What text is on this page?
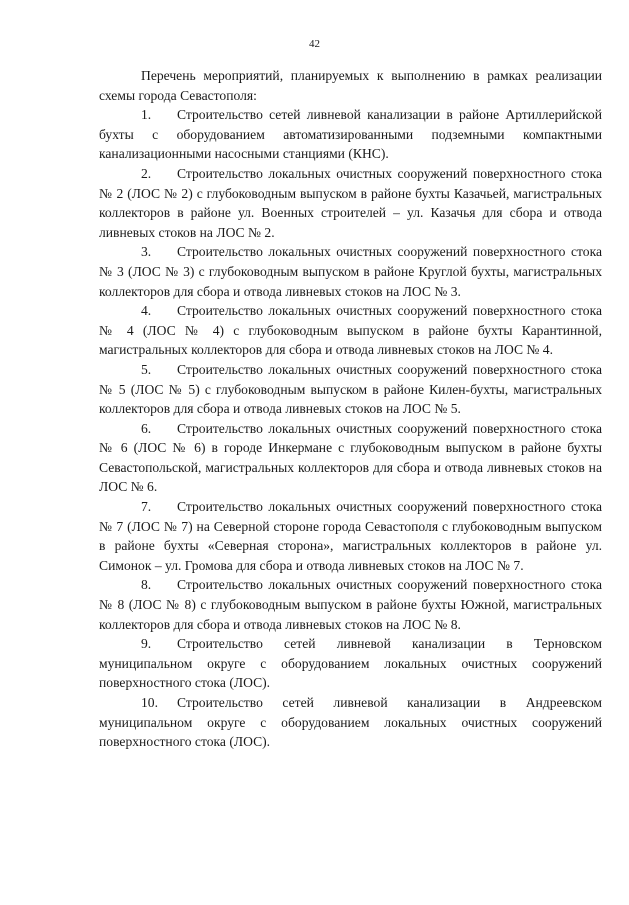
42

Перечень мероприятий, планируемых к выполнению в рамках реализации схемы города Севастополя:

1. Строительство сетей ливневой канализации в районе Артиллерийской бухты с оборудованием автоматизированными подземными компактными канализационными насосными станциями (КНС).

2. Строительство локальных очистных сооружений поверхностного стока № 2 (ЛОС № 2) с глубоководным выпуском в районе бухты Казачьей, магистральных коллекторов в районе ул. Военных строителей – ул. Казачья для сбора и отвода ливневых стоков на ЛОС № 2.

3. Строительство локальных очистных сооружений поверхностного стока № 3 (ЛОС № 3) с глубоководным выпуском в районе Круглой бухты, магистральных коллекторов для сбора и отвода ливневых стоков на ЛОС № 3.

4. Строительство локальных очистных сооружений поверхностного стока № 4 (ЛОС № 4) с глубоководным выпуском в районе бухты Карантинной, магистральных коллекторов для сбора и отвода ливневых стоков на ЛОС № 4.

5. Строительство локальных очистных сооружений поверхностного стока № 5 (ЛОС № 5) с глубоководным выпуском в районе Килен-бухты, магистральных коллекторов для сбора и отвода ливневых стоков на ЛОС № 5.

6. Строительство локальных очистных сооружений поверхностного стока № 6 (ЛОС № 6) в городе Инкермане с глубоководным выпуском в районе бухты Севастопольской, магистральных коллекторов для сбора и отвода ливневых стоков на ЛОС № 6.

7. Строительство локальных очистных сооружений поверхностного стока № 7 (ЛОС № 7) на Северной стороне города Севастополя с глубоководным выпуском в районе бухты «Северная сторона», магистральных коллекторов в районе ул. Симонок – ул. Громова для сбора и отвода ливневых стоков на ЛОС № 7.

8. Строительство локальных очистных сооружений поверхностного стока № 8 (ЛОС № 8) с глубоководным выпуском в районе бухты Южной, магистральных коллекторов для сбора и отвода ливневых стоков на ЛОС № 8.

9. Строительство сетей ливневой канализации в Терновском муниципальном округе с оборудованием локальных очистных сооружений поверхностного стока (ЛОС).

10. Строительство сетей ливневой канализации в Андреевском муниципальном округе с оборудованием локальных очистных сооружений поверхностного стока (ЛОС).
